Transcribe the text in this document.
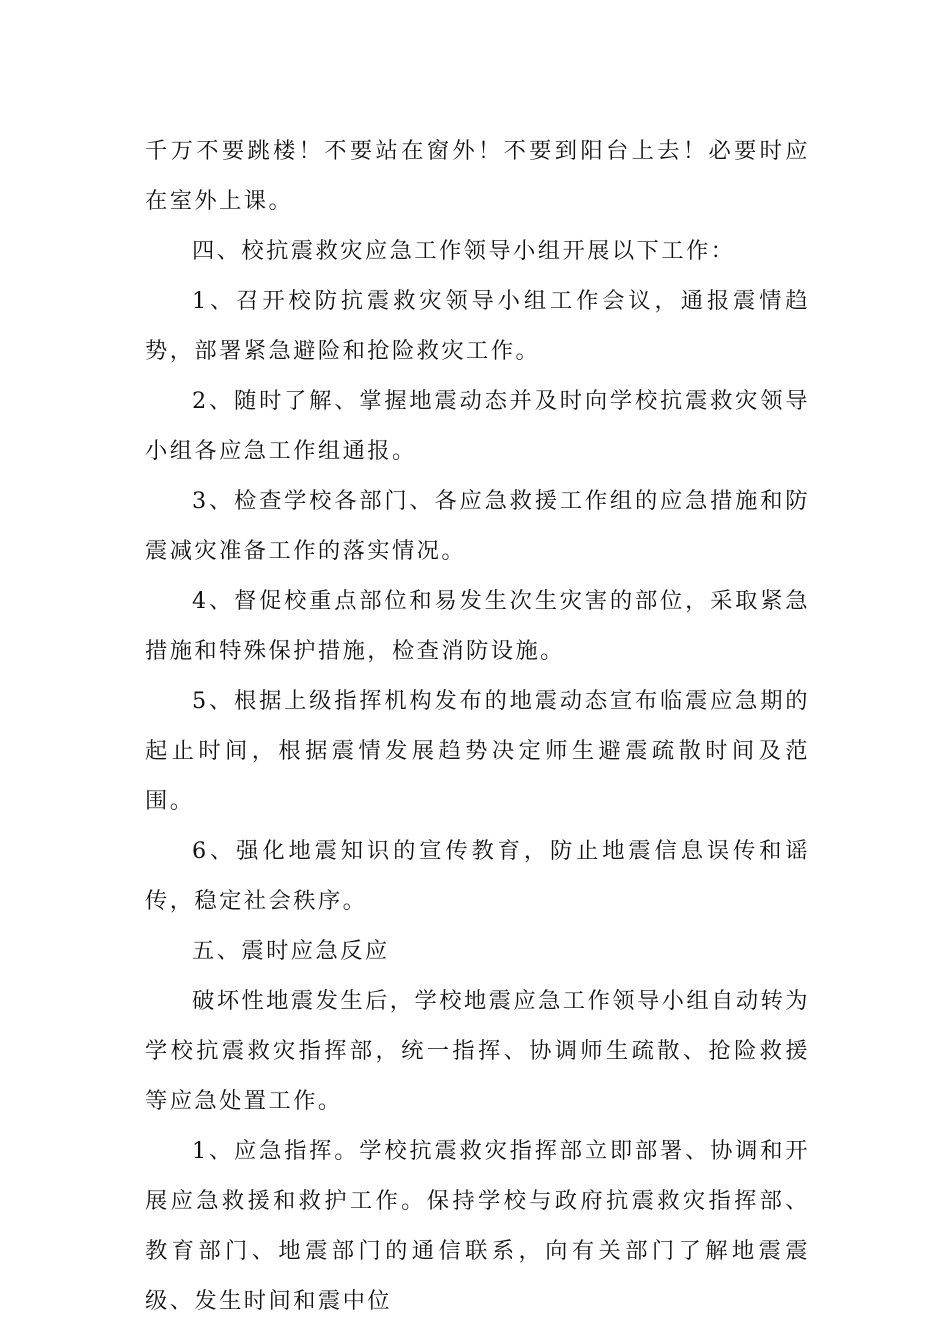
千万不要跳楼！不要站在窗外！不要到阳台上去！必要时应在室外上课。

四、校抗震救灾应急工作领导小组开展以下工作：

1、召开校防抗震救灾领导小组工作会议，通报震情趋势，部署紧急避险和抢险救灾工作。

2、随时了解、掌握地震动态并及时向学校抗震救灾领导小组各应急工作组通报。

3、检查学校各部门、各应急救援工作组的应急措施和防震减灾准备工作的落实情况。

4、督促校重点部位和易发生次生灾害的部位，采取紧急措施和特殊保护措施，检查消防设施。

5、根据上级指挥机构发布的地震动态宣布临震应急期的起止时间，根据震情发展趋势决定师生避震疏散时间及范围。

6、强化地震知识的宣传教育，防止地震信息误传和谣传，稳定社会秩序。

五、震时应急反应

破坏性地震发生后，学校地震应急工作领导小组自动转为学校抗震救灾指挥部，统一指挥、协调师生疏散、抢险救援等应急处置工作。

1、应急指挥。学校抗震救灾指挥部立即部署、协调和开展应急救援和救护工作。保持学校与政府抗震救灾指挥部、教育部门、地震部门的通信联系，向有关部门了解地震震级、发生时间和震中位
